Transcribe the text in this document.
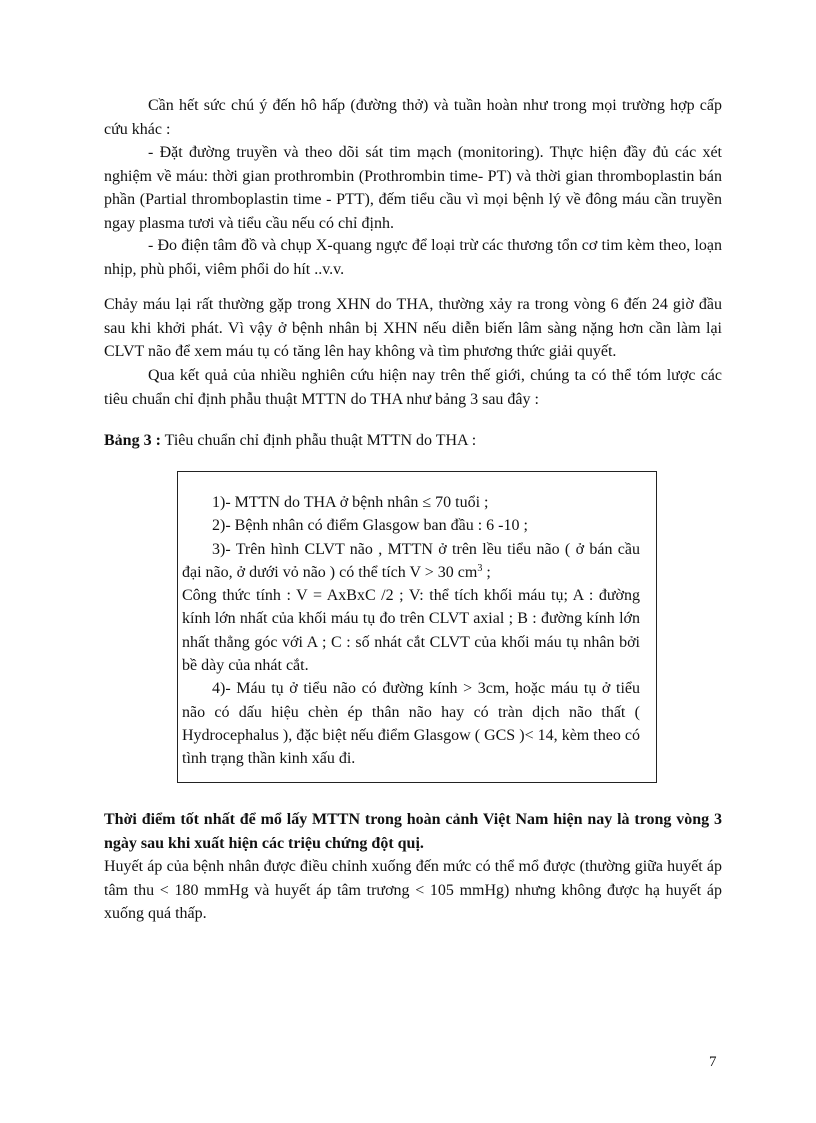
Cần hết sức chú ý đến hô hấp (đường thở) và tuần hoàn như trong mọi trường hợp cấp cứu khác :

- Đặt đường truyền và theo dõi sát tim mạch (monitoring). Thực hiện đầy đủ các xét nghiệm về máu: thời gian prothrombin (Prothrombin time- PT) và thời gian thromboplastin bán phần (Partial thromboplastin time - PTT), đếm tiểu cầu vì mọi bệnh lý về đông máu cần truyền ngay plasma tươi và tiểu cầu nếu có chỉ định.

- Đo điện tâm đồ và chụp X-quang ngực để loại trừ các thương tổn cơ tim kèm theo, loạn nhịp, phù phổi, viêm phổi do hít ..v.v.

Chảy máu lại rất thường gặp trong XHN do THA, thường xảy ra trong vòng 6 đến 24 giờ đầu sau khi khởi phát. Vì vậy ở bệnh nhân bị XHN nếu diễn biến lâm sàng nặng hơn cần làm lại CLVT não để xem máu tụ có tăng lên hay không và tìm phương thức giải quyết.

Qua kết quả của nhiều nghiên cứu hiện nay trên thế giới, chúng ta có thể tóm lược các tiêu chuẩn chỉ định phẫu thuật MTTN do THA như bảng 3 sau đây :

Bảng 3 : Tiêu chuẩn chỉ định phẫu thuật MTTN do THA :

1)- MTTN do THA ở bệnh nhân ≤ 70 tuổi ;

2)- Bệnh nhân có điểm Glasgow ban đầu : 6 -10 ;

3)- Trên hình CLVT não , MTTN ở trên lều tiểu não ( ở bán cầu đại não, ở dưới vỏ não ) có thể tích V > 30 $cm^3$ ;

Công thức tính : V = AxBxC /2 ; V: thể tích khối máu tụ; A : đường kính lớn nhất của khối máu tụ đo trên CLVT axial ; B : đường kính lớn nhất thẳng góc với A ; C : số nhát cắt CLVT của khối máu tụ nhân bởi bề dày của nhát cắt.

4)- Máu tụ ở tiểu não có đường kính > 3cm, hoặc máu tụ ở tiểu não có dấu hiệu chèn ép thân não hay có tràn dịch não thất ( Hydrocephalus ), đặc biệt nếu điểm Glasgow ( GCS )< 14, kèm theo có tình trạng thần kinh xấu đi.

Thời điểm tốt nhất để mổ lấy MTTN trong hoàn cảnh Việt Nam hiện nay là trong vòng 3 ngày sau khi xuất hiện các triệu chứng đột quị.

Huyết áp của bệnh nhân được điều chỉnh xuống đến mức có thể mổ được (thường giữa huyết áp tâm thu < 180 mmHg và huyết áp tâm trương < 105 mmHg) nhưng không được hạ huyết áp xuống quá thấp.

7
